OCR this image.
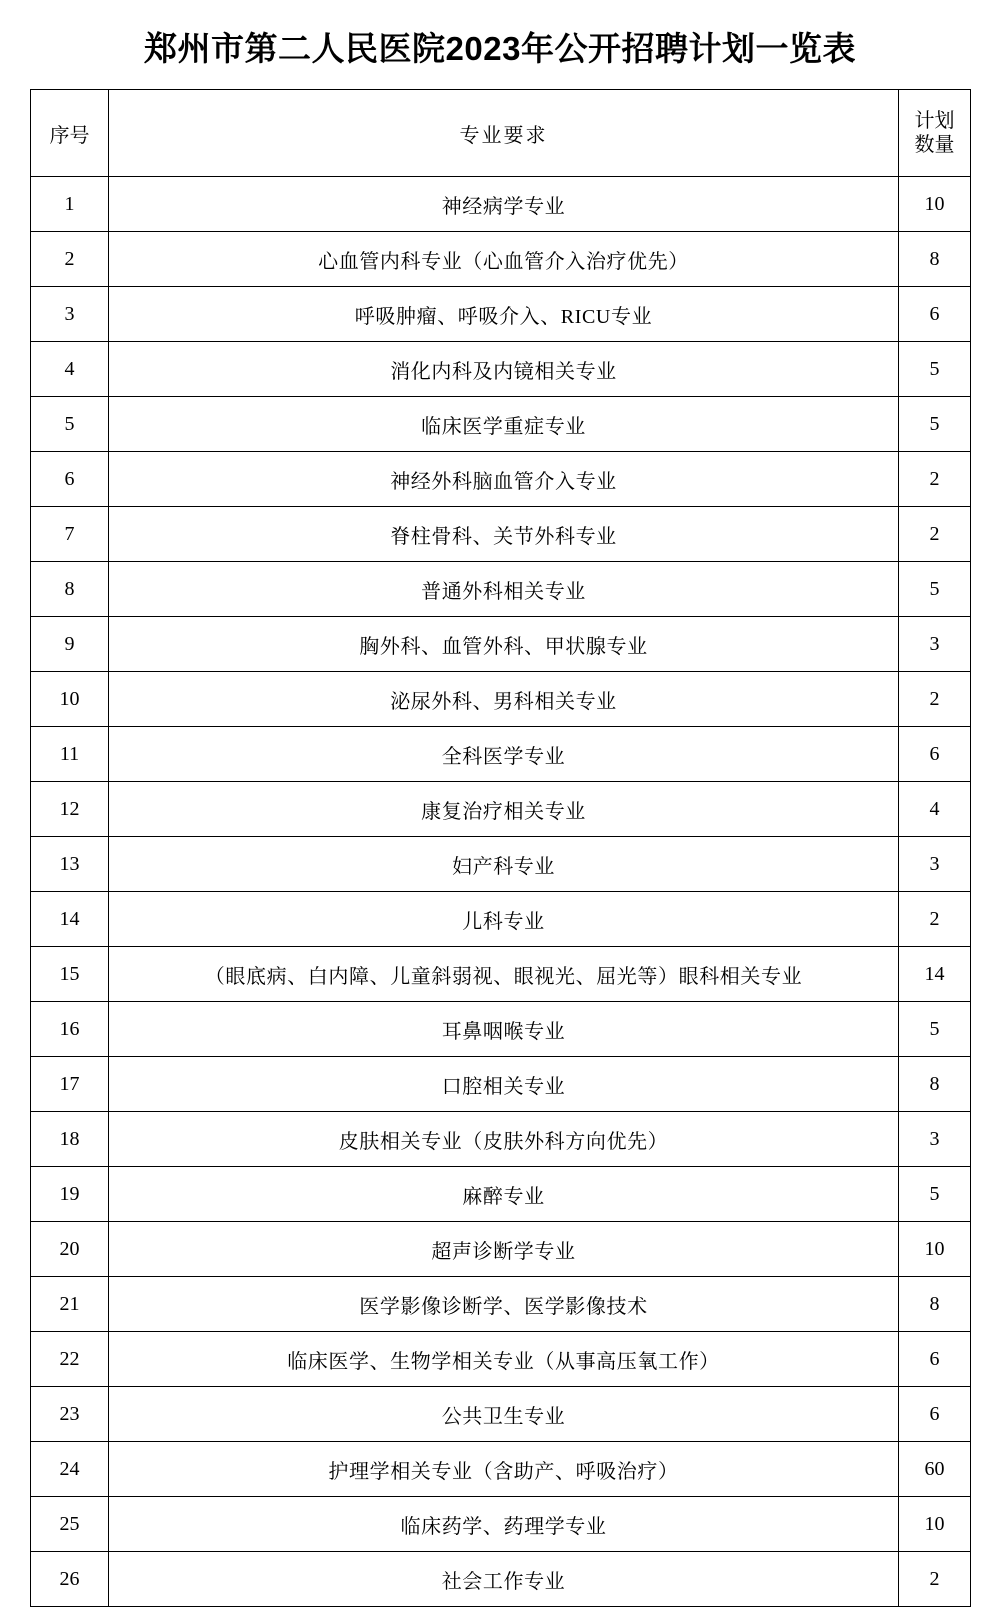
郑州市第二人民医院2023年公开招聘计划一览表
序号	专业要求	计划
数量

1	神经病学专业	10
2	心血管内科专业（心血管介入治疗优先）	8
3	呼吸肿瘤、呼吸介入、RICU专业	6
4	消化内科及内镜相关专业	5
5	临床医学重症专业	5
6	神经外科脑血管介入专业	2
7	脊柱骨科、关节外科专业	2
8	普通外科相关专业	5
9	胸外科、血管外科、甲状腺专业	3
10	泌尿外科、男科相关专业	2
11	全科医学专业	6
12	康复治疗相关专业	4
13	妇产科专业	3
14	儿科专业	2
15	（眼底病、白内障、儿童斜弱视、眼视光、屈光等）眼科相关专业	14
16	耳鼻咽喉专业	5
17	口腔相关专业	8
18	皮肤相关专业（皮肤外科方向优先）	3
19	麻醉专业	5
20	超声诊断学专业	10
21	医学影像诊断学、医学影像技术	8
22	临床医学、生物学相关专业（从事高压氧工作）	6
23	公共卫生专业	6
24	护理学相关专业（含助产、呼吸治疗）	60
25	临床药学、药理学专业	10
26	社会工作专业	2
